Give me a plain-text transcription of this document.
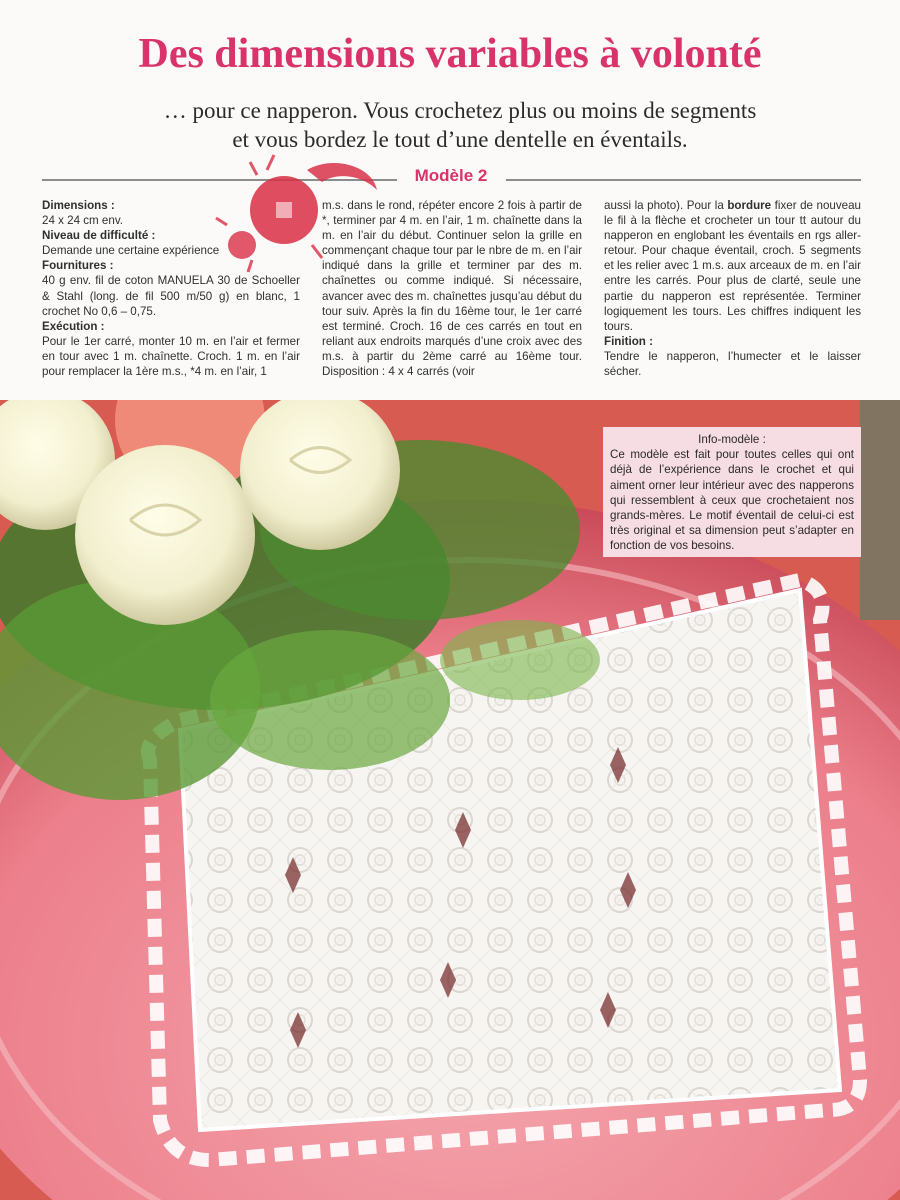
Des dimensions variables à volonté
… pour ce napperon. Vous crochetez plus ou moins de segments
et vous bordez le tout d’une dentelle en éventails.
Modèle 2

Dimensions :

24 x 24 cm env.

Niveau de difficulté :

Demande une certaine expérience

Fournitures :

40 g env. fil de coton MANUELA 30 de Schoeller & Stahl (long. de fil 500 m/50 g) en blanc, 1 crochet No 0,6 – 0,75.

Exécution :

Pour le 1er carré, monter 10 m. en l’air et fermer en tour avec 1 m. chaînette. Croch. 1 m. en l’air pour remplacer la 1ère m.s., *4 m. en l’air, 1

m.s. dans le rond, répéter encore 2 fois à partir de *, terminer par 4 m. en l’air, 1 m. chaînette dans la m. en l’air du début. Continuer selon la grille en commençant chaque tour par le nbre de m. en l’air indiqué dans la grille et terminer par des m. chaînettes ou comme indiqué. Si nécessaire, avancer avec des m. chaînettes jusqu’au début du tour suiv. Après la fin du 16ème tour, le 1er carré est terminé. Croch. 16 de ces carrés en tout en reliant aux endroits marqués d’une croix avec des m.s. à partir du 2ème carré au 16ème tour. Disposition : 4 x 4 carrés (voir

aussi la photo). Pour la bordure fixer de nouveau le fil à la flèche et crocheter un tour tt autour du napperon en englobant les éventails en rgs aller-retour. Pour chaque éventail, croch. 5 segments et les relier avec 1 m.s. aux arceaux de m. en l’air entre les carrés. Pour plus de clarté, seule une partie du napperon est représentée. Terminer logiquement les tours. Les chiffres indiquent les tours.

Finition :

Tendre le napperon, l’humecter et le laisser sécher.

Info-modèle :
Ce modèle est fait pour toutes celles qui ont déjà de l’expérience dans le crochet et qui aiment orner leur intérieur avec des napperons qui ressemblent à ceux que crochetaient nos grands-mères. Le motif éventail de celui-ci est très original et sa dimension peut s’adapter en fonction de vos besoins.
